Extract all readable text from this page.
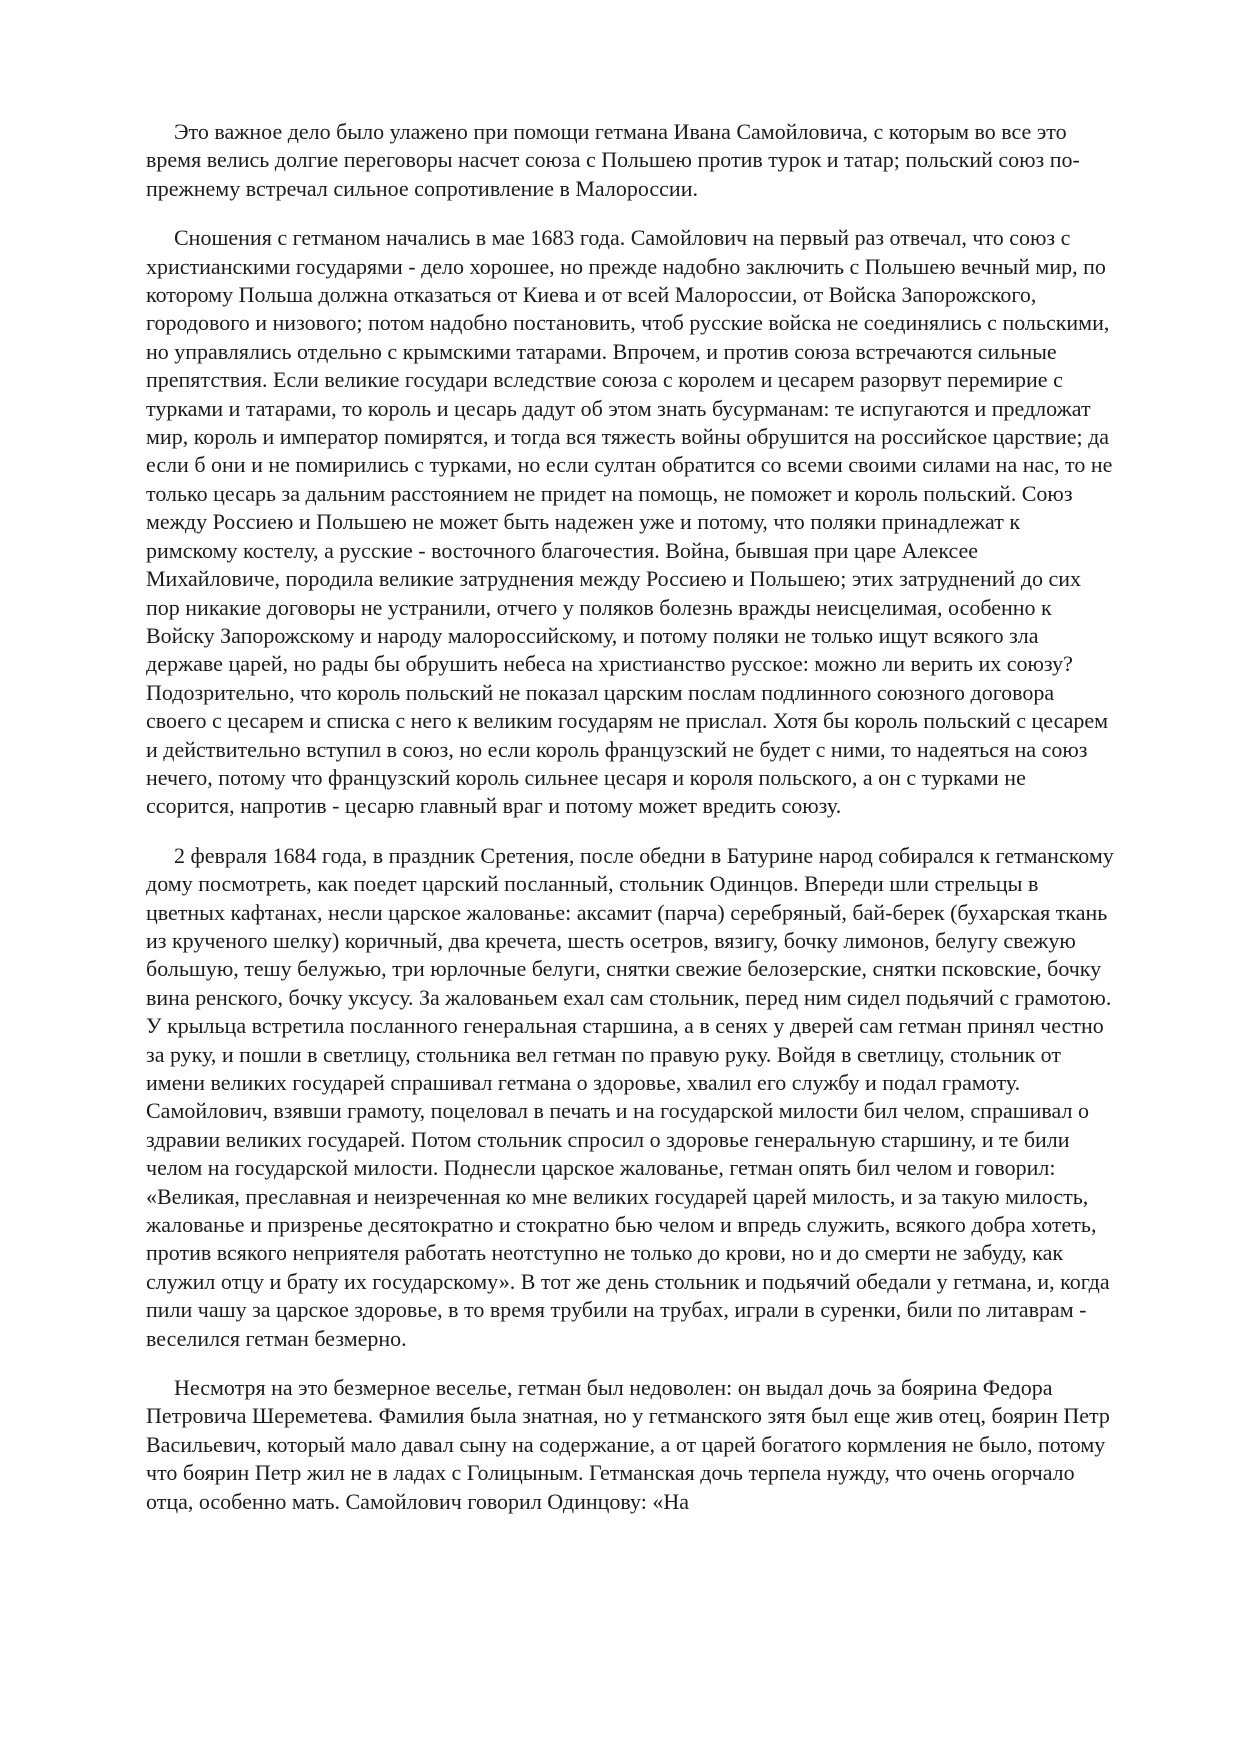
Это важное дело было улажено при помощи гетмана Ивана Самойловича, с которым во все это время велись долгие переговоры насчет союза с Польшею против турок и татар; польский союз по-прежнему встречал сильное сопротивление в Малороссии.

Сношения с гетманом начались в мае 1683 года. Самойлович на первый раз отвечал, что союз с христианскими государями - дело хорошее, но прежде надобно заключить с Польшею вечный мир, по которому Польша должна отказаться от Киева и от всей Малороссии, от Войска Запорожского, городового и низового; потом надобно постановить, чтоб русские войска не соединялись с польскими, но управлялись отдельно с крымскими татарами. Впрочем, и против союза встречаются сильные препятствия. Если великие государи вследствие союза с королем и цесарем разорвут перемирие с турками и татарами, то король и цесарь дадут об этом знать бусурманам: те испугаются и предложат мир, король и император помирятся, и тогда вся тяжесть войны обрушится на российское царствие; да если б они и не помирились с турками, но если султан обратится со всеми своими силами на нас, то не только цесарь за дальним расстоянием не придет на помощь, не поможет и король польский. Союз между Россиею и Польшею не может быть надежен уже и потому, что поляки принадлежат к римскому костелу, а русские - восточного благочестия. Война, бывшая при царе Алексее Михайловиче, породила великие затруднения между Россиею и Польшею; этих затруднений до сих пор никакие договоры не устранили, отчего у поляков болезнь вражды неисцелимая, особенно к Войску Запорожскому и народу малороссийскому, и потому поляки не только ищут всякого зла державе царей, но рады бы обрушить небеса на христианство русское: можно ли верить их союзу? Подозрительно, что король польский не показал царским послам подлинного союзного договора своего с цесарем и списка с него к великим государям не прислал. Хотя бы король польский с цесарем и действительно вступил в союз, но если король французский не будет с ними, то надеяться на союз нечего, потому что французский король сильнее цесаря и короля польского, а он с турками не ссорится, напротив - цесарю главный враг и потому может вредить союзу.

2 февраля 1684 года, в праздник Сретения, после обедни в Батурине народ собирался к гетманскому дому посмотреть, как поедет царский посланный, стольник Одинцов. Впереди шли стрельцы в цветных кафтанах, несли царское жалованье: аксамит (парча) серебряный, бай-берек (бухарская ткань из крученого шелку) коричный, два кречета, шесть осетров, вязигу, бочку лимонов, белугу свежую большую, тешу белужью, три юрлочные белуги, снятки свежие белозерские, снятки псковские, бочку вина ренского, бочку уксусу. За жалованьем ехал сам стольник, перед ним сидел подьячий с грамотою. У крыльца встретила посланного генеральная старшина, а в сенях у дверей сам гетман принял честно за руку, и пошли в светлицу, стольника вел гетман по правую руку. Войдя в светлицу, стольник от имени великих государей спрашивал гетмана о здоровье, хвалил его службу и подал грамоту. Самойлович, взявши грамоту, поцеловал в печать и на государской милости бил челом, спрашивал о здравии великих государей. Потом стольник спросил о здоровье генеральную старшину, и те били челом на государской милости. Поднесли царское жалованье, гетман опять бил челом и говорил: «Великая, преславная и неизреченная ко мне великих государей царей милость, и за такую милость, жалованье и призренье десятократно и стократно бью челом и впредь служить, всякого добра хотеть, против всякого неприятеля работать неотступно не только до крови, но и до смерти не забуду, как служил отцу и брату их государскому». В тот же день стольник и подьячий обедали у гетмана, и, когда пили чашу за царское здоровье, в то время трубили на трубах, играли в суренки, били по литаврам - веселился гетман безмерно.

Несмотря на это безмерное веселье, гетман был недоволен: он выдал дочь за боярина Федора Петровича Шереметева. Фамилия была знатная, но у гетманского зятя был еще жив отец, боярин Петр Васильевич, который мало давал сыну на содержание, а от царей богатого кормления не было, потому что боярин Петр жил не в ладах с Голицыным. Гетманская дочь терпела нужду, что очень огорчало отца, особенно мать. Самойлович говорил Одинцову: «На
